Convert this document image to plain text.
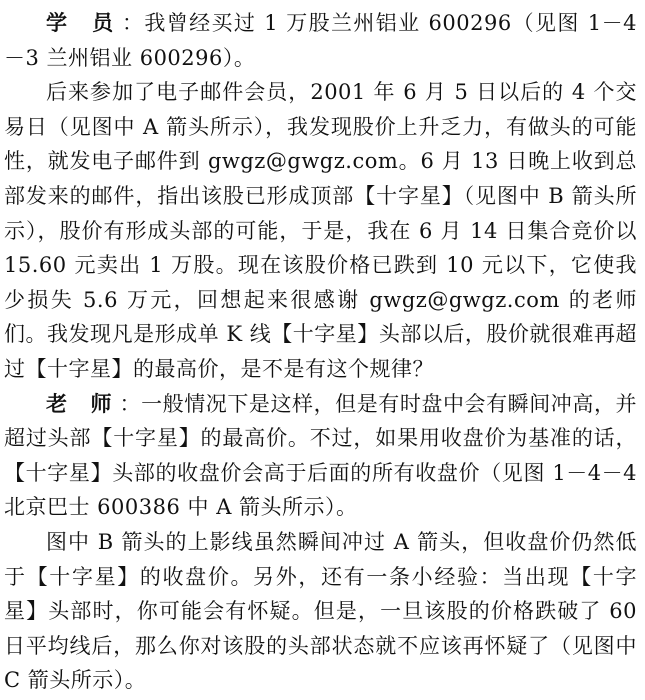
学 员：我曾经买过 1 万股兰州铝业 600296（见图 1－4－3 兰州铝业 600296）。

后来参加了电子邮件会员，2001 年 6 月 5 日以后的 4 个交易日（见图中 A 箭头所示），我发现股价上升乏力，有做头的可能性，就发电子邮件到 gwgz@gwgz.com。6 月 13 日晚上收到总部发来的邮件，指出该股已形成顶部【十字星】（见图中 B 箭头所示），股价有形成头部的可能，于是，我在 6 月 14 日集合竞价以 15.60 元卖出 1 万股。现在该股价格已跌到 10 元以下，它使我少损失 5.6 万元，回想起来很感谢 gwgz@gwgz.com 的老师们。我发现凡是形成单 K 线【十字星】头部以后，股价就很难再超过【十字星】的最高价，是不是有这个规律？

老 师：一般情况下是这样，但是有时盘中会有瞬间冲高，并超过头部【十字星】的最高价。不过，如果用收盘价为基准的话，【十字星】头部的收盘价会高于后面的所有收盘价（见图 1－4－4 北京巴士 600386 中 A 箭头所示）。

图中 B 箭头的上影线虽然瞬间冲过 A 箭头，但收盘价仍然低于【十字星】的收盘价。另外，还有一条小经验：当出现【十字星】头部时，你可能会有怀疑。但是，一旦该股的价格跌破了 60 日平均线后，那么你对该股的头部状态就不应该再怀疑了（见图中 C 箭头所示）。
